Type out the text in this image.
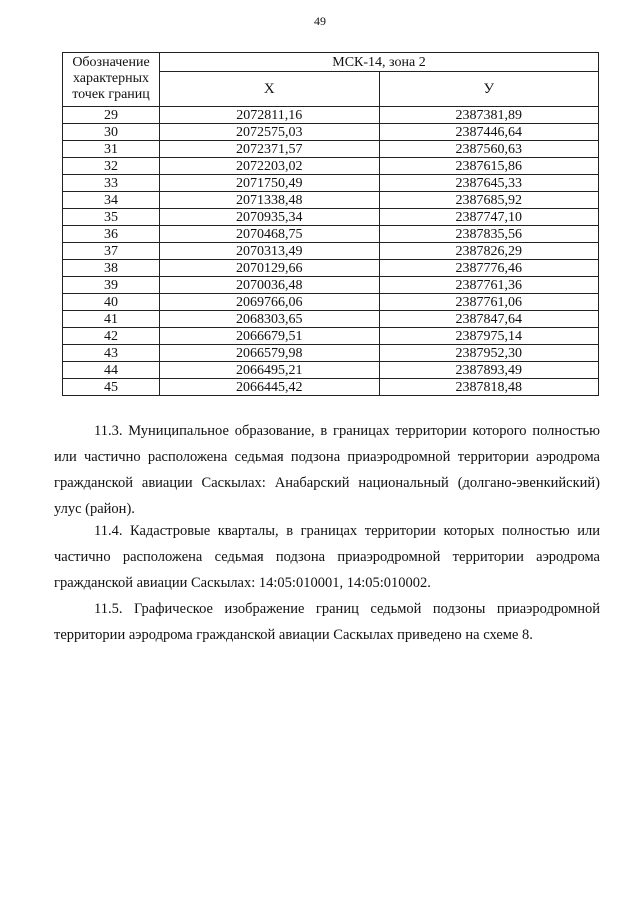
49
Обозначение
характерных
точек границ	МСК-14, зона 2	
	Х	У
29	2072811,16	2387381,89
30	2072575,03	2387446,64
31	2072371,57	2387560,63
32	2072203,02	2387615,86
33	2071750,49	2387645,33
34	2071338,48	2387685,92
35	2070935,34	2387747,10
36	2070468,75	2387835,56
37	2070313,49	2387826,29
38	2070129,66	2387776,46
39	2070036,48	2387761,36
40	2069766,06	2387761,06
41	2068303,65	2387847,64
42	2066679,51	2387975,14
43	2066579,98	2387952,30
44	2066495,21	2387893,49
45	2066445,42	2387818,48

11.3. Муниципальное образование, в границах территории которого полностью или частично расположена седьмая подзона приаэродромной территории аэродрома гражданской авиации Саскылах: Анабарский национальный (долгано-эвенкийский) улус (район).

11.4. Кадастровые кварталы, в границах территории которых полностью или частично расположена седьмая подзона приаэродромной территории аэродрома гражданской авиации Саскылах: 14:05:010001, 14:05:010002.

11.5. Графическое изображение границ седьмой подзоны приаэродромной территории аэродрома гражданской авиации Саскылах приведено на схеме 8.
